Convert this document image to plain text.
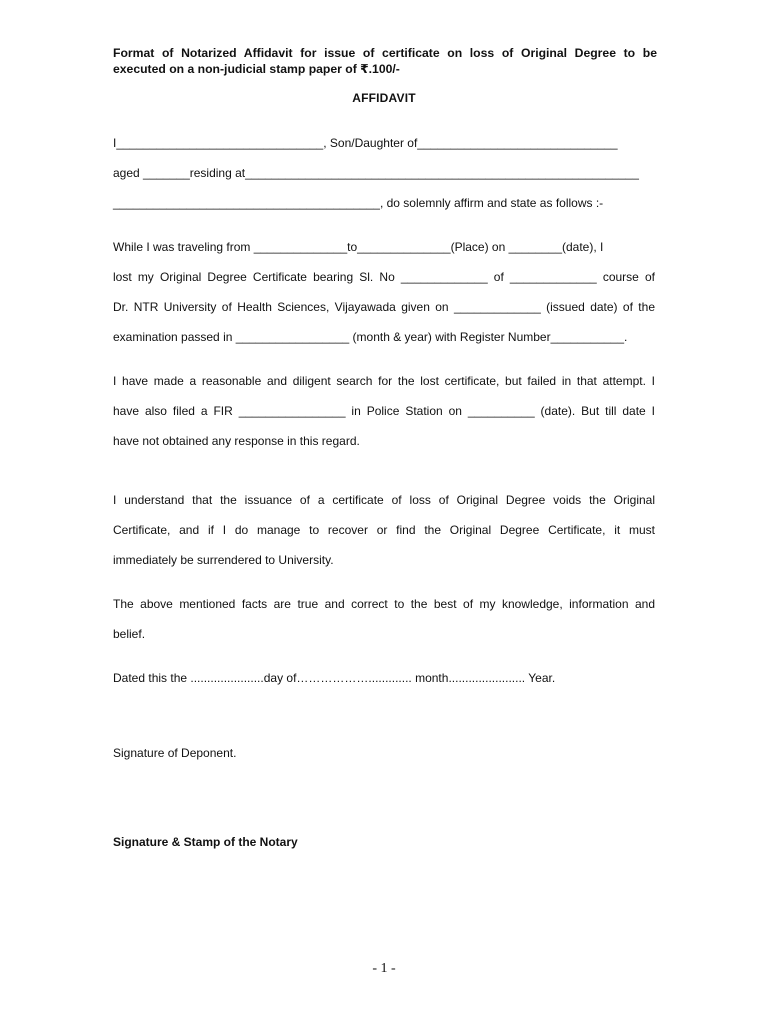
Format of Notarized Affidavit for issue of certificate on loss of Original Degree to be
executed on a non-judicial stamp paper of ₹.100/-
AFFIDAVIT
I_______________________________, Son/Daughter of______________________________
aged _______residing at___________________________________________________________
________________________________________, do solemnly affirm and state as follows :-
While I was traveling from ______________to______________(Place) on ________(date), I
lost my Original Degree Certificate bearing Sl. No _____________ of _____________ course of
Dr. NTR University of Health Sciences, Vijayawada given on _____________ (issued date) of the
examination passed in _________________ (month & year) with Register Number___________.
I have made a reasonable and diligent search for the lost certificate, but failed in that attempt. I
have also filed a FIR ________________ in Police Station on __________ (date). But till date I
have not obtained any response in this regard.
I understand that the issuance of a certificate of loss of Original Degree voids the Original
Certificate, and if I do manage to recover or find the Original Degree Certificate, it must
immediately be surrendered to University.
The above mentioned facts are true and correct to the best of my knowledge, information and
belief.
Dated this the ......................day of………………............. month....................... Year.
Signature of Deponent.
Signature & Stamp of the Notary
- 1 -
